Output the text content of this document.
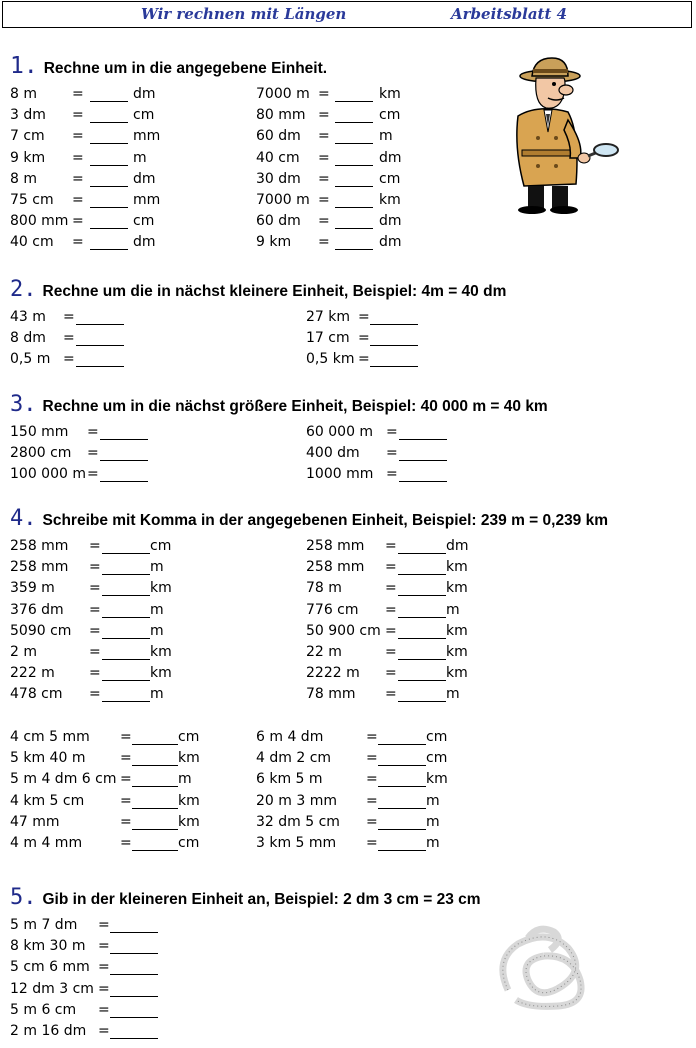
Wir rechnen mit Längen	Arbeitsblatt 4
1. Rechne um in die angegebene Einheit.
2. Rechne um die in nächst kleinere Einheit, Beispiel: 4m = 40 dm
3. Rechne um in die nächst größere Einheit, Beispiel: 40 000 m = 40 km
4. Schreibe mit Komma in der angegebenen Einheit, Beispiel: 239 m = 0,239 km
5. Gib in der kleineren Einheit an, Beispiel: 2 dm 3 cm = 23 cm
8 m	=	dm
3 dm =	cm
7 cm =	mm
9 km =	m
8 m	=	dm
75 cm =	mm
800 mm =	cm
40 cm =	dm
7000 m =	km
80 mm =	cm
60 dm =	m
40 cm =	dm
30 dm =	cm
7000 m =	km
60 dm =	dm
9 km =	dm
43 m =
8 dm =
0,5 m =
27 km =
17 cm =
0,5 km =
150 mm =
2800 cm =
100 000 m =
60 000 m =
400 dm =
1000 mm =
258 mm =	cm
258 mm =	m
359 m =	km
376 dm =	m
5090 cm =	m
2 m	=	km
222 m =	km
478 cm =	m
258 mm =	dm
258 mm =	km
78 m	=	km
776 cm =	m
50 900 cm =	km
22 m	=	km
2222 m =	km
78 mm =	m
4 cm 5 mm =	cm
5 km 40 m =	km
5 m 4 dm 6 cm =	m
4 km 5 cm	=	km
47 mm	=	km
4 m 4 mm	=	cm
6 m 4 dm	=	cm
4 dm 2 cm =	cm
6 km 5 m	=	km
20 m 3 mm =	m
32 dm 5 cm =	m
3 km 5 mm =	m
5 m 7 dm =
8 km 30 m =
5 cm 6 mm =
12 dm 3 cm =
5 m 6 cm =
2 m 16 dm =
